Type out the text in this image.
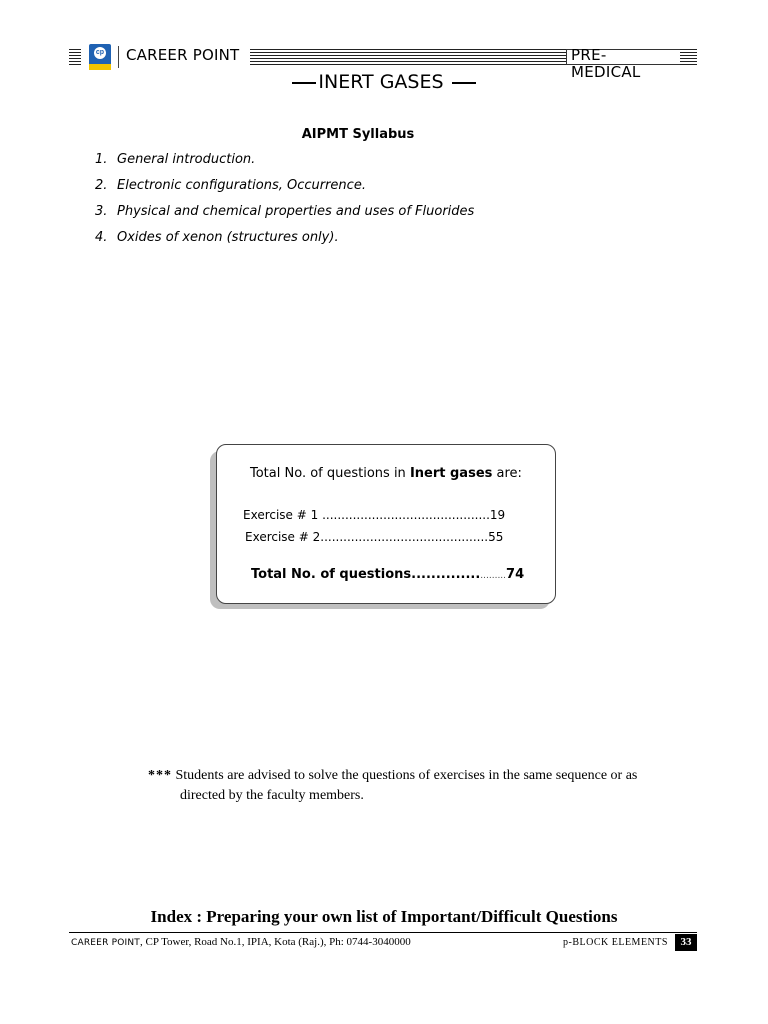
cp CAREER POINT	PRE-MEDICAL
INERT GASES
AIPMT Syllabus
1. General introduction.
2. Electronic configurations, Occurrence.
3. Physical and chemical properties and uses of Fluorides
4. Oxides of xenon (structures only).
Total No. of questions in Inert gases are:
Exercise # 1 ............................................19
Exercise # 2............................................55
Total No. of questions.......................74
*** Students are advised to solve the questions of exercises in the same sequence or as
directed by the faculty members.
Index : Preparing your own list of Important/Difficult Questions
CAREER POINT, CP Tower, Road No.1, IPIA, Kota (Raj.), Ph: 0744-3040000	p-BLOCK ELEMENTS	33
